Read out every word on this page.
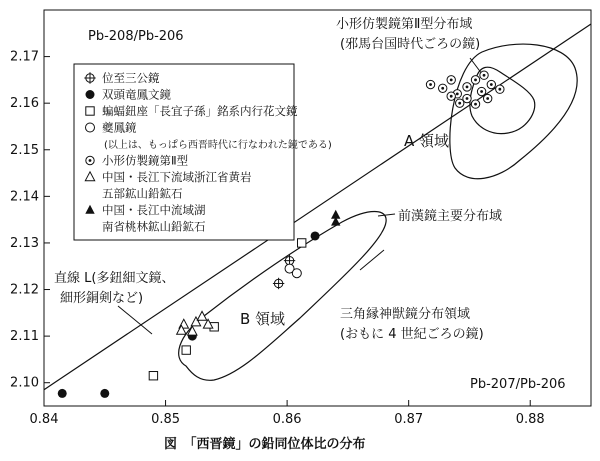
0.84	0.85	0.86	0.87	0.88
2.10
2.11
2.12
2.13
2.14
2.15
2.16
2.17
Pb-208/Pb-206
Pb-207/Pb-206
A 領域
B 領域
前漢鏡主要分布域
直線 L(多鈕細文鏡、
細形銅剣など)
小形仿製鏡第Ⅱ型分布域
(邪馬台国時代ごろの鏡)
三角縁神獣鏡分布領域
(おもに 4 世紀ごろの鏡)
位至三公鏡
双頭竜鳳文鏡
蝙蝠鈕座「長宜子孫」銘系内行花文鏡
夔鳳鏡
(以上は、もっぱら西晋時代に行なわれた鏡である)
小形仿製鏡第Ⅱ型
中国・長江下流域浙江省黄岩
五部鉱山鉛鉱石
中国・長江中流域湖
南省桃林鉱山鉛鉱石
図　「西晋鏡」の鉛同位体比の分布
